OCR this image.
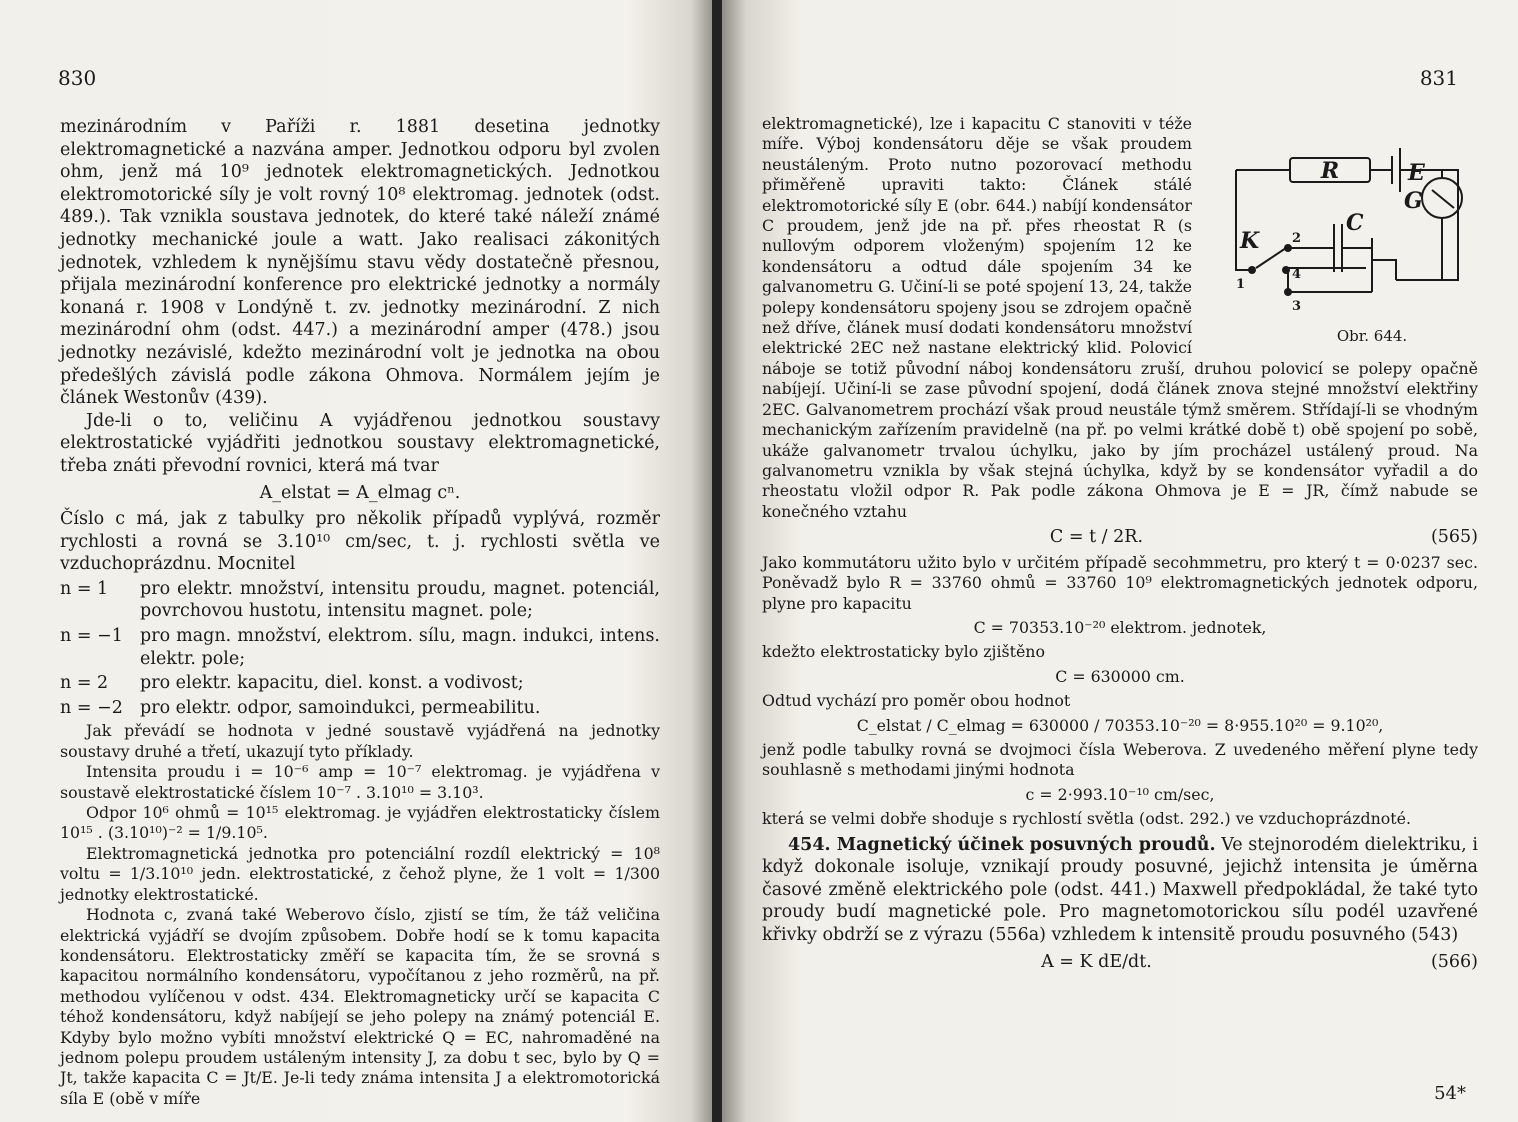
830

mezinárodním v Paříži r. 1881 desetina jednotky elektromagnetické a nazvána amper. Jednotkou odporu byl zvolen ohm, jenž má 10⁹ jednotek elektromagnetických. Jednotkou elektromotorické síly je volt rovný 10⁸ elektromag. jednotek (odst. 489.). Tak vznikla soustava jednotek, do které také náleží známé jednotky mechanické joule a watt. Jako realisaci zákonitých jednotek, vzhledem k nynějšímu stavu vědy dostatečně přesnou, přijala mezinárodní konference pro elektrické jednotky a normály konaná r. 1908 v Londýně t. zv. jednotky mezinárodní. Z nich mezinárodní ohm (odst. 447.) a mezinárodní amper (478.) jsou jednotky nezávislé, kdežto mezinárodní volt je jednotka na obou předešlých závislá podle zákona Ohmova. Normálem jejím je článek Westonův (439).

Jde-li o to, veličinu A vyjádřenou jednotkou soustavy elektrostatické vyjádřiti jednotkou soustavy elektromagnetické, třeba znáti převodní rovnici, která má tvar

A_elstat = A_elmag cⁿ.

Číslo c má, jak z tabulky pro několik případů vyplývá, rozměr rychlosti a rovná se 3.10¹⁰ cm/sec, t. j. rychlosti světla ve vzduchoprázdnu. Mocnitel

n = 1	pro elektr. množství, intensitu proudu, magnet. potenciál, povrchovou hustotu, intensitu magnet. pole;
n = −1 pro magn. množství, elektrom. sílu, magn. indukci, intens. elektr. pole;
n = 2	pro elektr. kapacitu, diel. konst. a vodivost;
n = −2 pro elektr. odpor, samoindukci, permeabilitu.

Jak převádí se hodnota v jedné soustavě vyjádřená na jednotky soustavy druhé a třetí, ukazují tyto příklady.

Intensita proudu i = 10⁻⁶ amp = 10⁻⁷ elektromag. je vyjádřena v soustavě elektrostatické číslem 10⁻⁷ . 3.10¹⁰ = 3.10³.

Odpor 10⁶ ohmů = 10¹⁵ elektromag. je vyjádřen elektrostaticky číslem 10¹⁵ . (3.10¹⁰)⁻² = 1/9.10⁵.

Elektromagnetická jednotka pro potenciální rozdíl elektrický = 10⁸ voltu = 1/3.10¹⁰ jedn. elektrostatické, z čehož plyne, že 1 volt = 1/300 jednotky elektrostatické.

Hodnota c, zvaná také Weberovo číslo, zjistí se tím, že táž veličina elektrická vyjádří se dvojím způsobem. Dobře hodí se k tomu kapacita kondensátoru. Elektrostaticky změří se kapacita tím, že se srovná s kapacitou normálního kondensátoru, vypočítanou z jeho rozměrů, na př. methodou vylíčenou v odst. 434. Elektromagneticky určí se kapacita C téhož kondensátoru, když nabíjejí se jeho polepy na známý potenciál E. Kdyby bylo možno vybíti množství elektrické Q = EC, nahromaděné na jednom polepu proudem ustáleným intensity J, za dobu t sec, bylo by Q = Jt, takže kapacita C = Jt/E. Je-li tedy známa intensita J a elektromotorická síla E (obě v míře

831
R	E
G
K
C
1
2
3
4
Obr. 644.

elektromagnetické), lze i kapacitu C stanoviti v téže míře. Výboj kondensátoru děje se však proudem neustáleným. Proto nutno pozorovací methodu přiměřeně upraviti takto: Článek stálé elektromotorické síly E (obr. 644.) nabíjí kondensátor C proudem, jenž jde na př. přes rheostat R (s nullovým odporem vloženým) spojením 12 ke kondensátoru a odtud dále spojením 34 ke galvanometru G. Učiní-li se poté spojení 13, 24, takže polepy kondensátoru spojeny jsou se zdrojem opačně než dříve, článek musí dodati kondensátoru množství elektrické 2EC než nastane elektrický klid. Polovicí náboje se totiž původní náboj kondensátoru zruší, druhou polovicí se polepy opačně nabíjejí. Učiní-li se zase původní spojení, dodá článek znova stejné množství elektřiny 2EC. Galvanometrem prochází však proud neustále týmž směrem. Střídají-li se vhodným mechanickým zařízením pravidelně (na př. po velmi krátké době t) obě spojení po sobě, ukáže galvanometr trvalou úchylku, jako by jím procházel ustálený proud. Na galvanometru vznikla by však stejná úchylka, když by se kondensátor vyřadil a do rheostatu vložil odpor R. Pak podle zákona Ohmova je E = JR, čímž nabude se konečného vztahu

C = t / 2R.	(565)

Jako kommutátoru užito bylo v určitém případě secohmmetru, pro který t = 0·0237 sec. Poněvadž bylo R = 33760 ohmů = 33760 10⁹ elektromagnetických jednotek odporu, plyne pro kapacitu

C = 70353.10⁻²⁰ elektrom. jednotek,

kdežto elektrostaticky bylo zjištěno

C = 630000 cm.

Odtud vychází pro poměr obou hodnot

C_elstat / C_elmag = 630000 / 70353.10⁻²⁰ = 8·955.10²⁰ = 9.10²⁰,

jenž podle tabulky rovná se dvojmoci čísla Weberova. Z uvedeného měření plyne tedy souhlasně s methodami jinými hodnota

c = 2·993.10⁻¹⁰ cm/sec,

která se velmi dobře shoduje s rychlostí světla (odst. 292.) ve vzduchoprázdnoté.

454. Magnetický účinek posuvných proudů. Ve stejnorodém dielektriku, i když dokonale isoluje, vznikají proudy posuvné, jejichž intensita je úměrna časové změně elektrického pole (odst. 441.) Maxwell předpokládal, že také tyto proudy budí magnetické pole. Pro magnetomotorickou sílu podél uzavřené křivky obdrží se z výrazu (556a) vzhledem k intensitě proudu posuvného (543)

A = K dE/dt.	(566)
54*
